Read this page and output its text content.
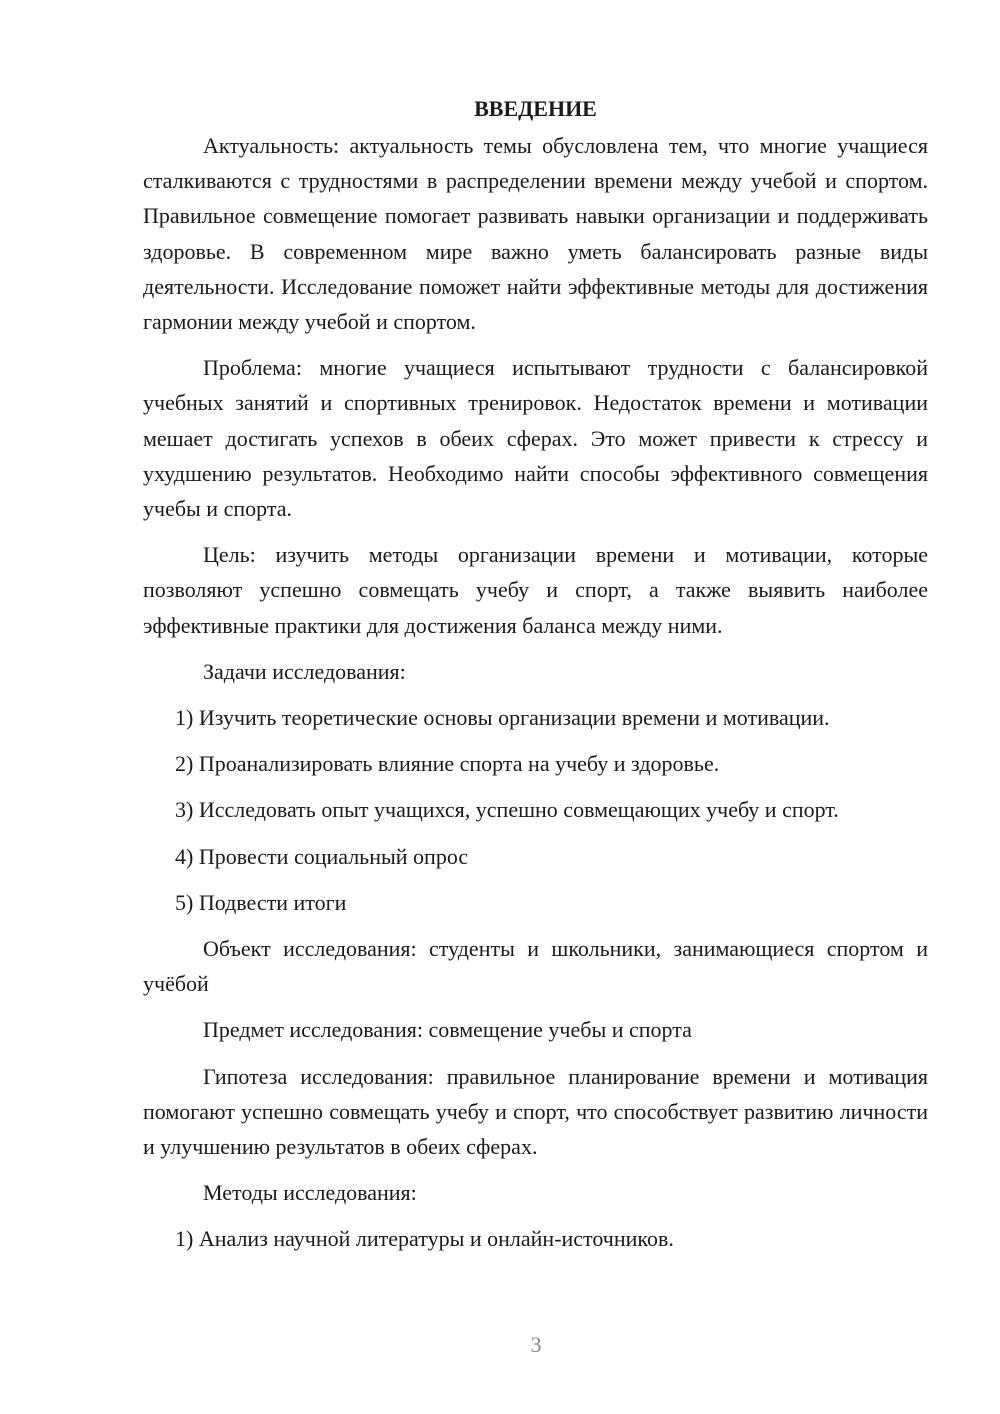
ВВЕДЕНИЕ

Актуальность: актуальность темы обусловлена тем, что многие учащиеся сталкиваются с трудностями в распределении времени между учебой и спортом. Правильное совмещение помогает развивать навыки организации и поддерживать здоровье. В современном мире важно уметь балансировать разные виды деятельности. Исследование поможет найти эффективные методы для достижения гармонии между учебой и спортом.

Проблема: многие учащиеся испытывают трудности с балансировкой учебных занятий и спортивных тренировок. Недостаток времени и мотивации мешает достигать успехов в обеих сферах. Это может привести к стрессу и ухудшению результатов. Необходимо найти способы эффективного совмещения учебы и спорта.

Цель: изучить методы организации времени и мотивации, которые позволяют успешно совмещать учебу и спорт, а также выявить наиболее эффективные практики для достижения баланса между ними.

Задачи исследования:

1) Изучить теоретические основы организации времени и мотивации.
2) Проанализировать влияние спорта на учебу и здоровье.
3) Исследовать опыт учащихся, успешно совмещающих учебу и спорт.
4) Провести социальный опрос
5) Подвести итоги

Объект исследования: студенты и школьники, занимающиеся спортом и учёбой

Предмет исследования: совмещение учебы и спорта

Гипотеза исследования: правильное планирование времени и мотивация помогают успешно совмещать учебу и спорт, что способствует развитию личности и улучшению результатов в обеих сферах.

Методы исследования:

1) Анализ научной литературы и онлайн-источников.
3
